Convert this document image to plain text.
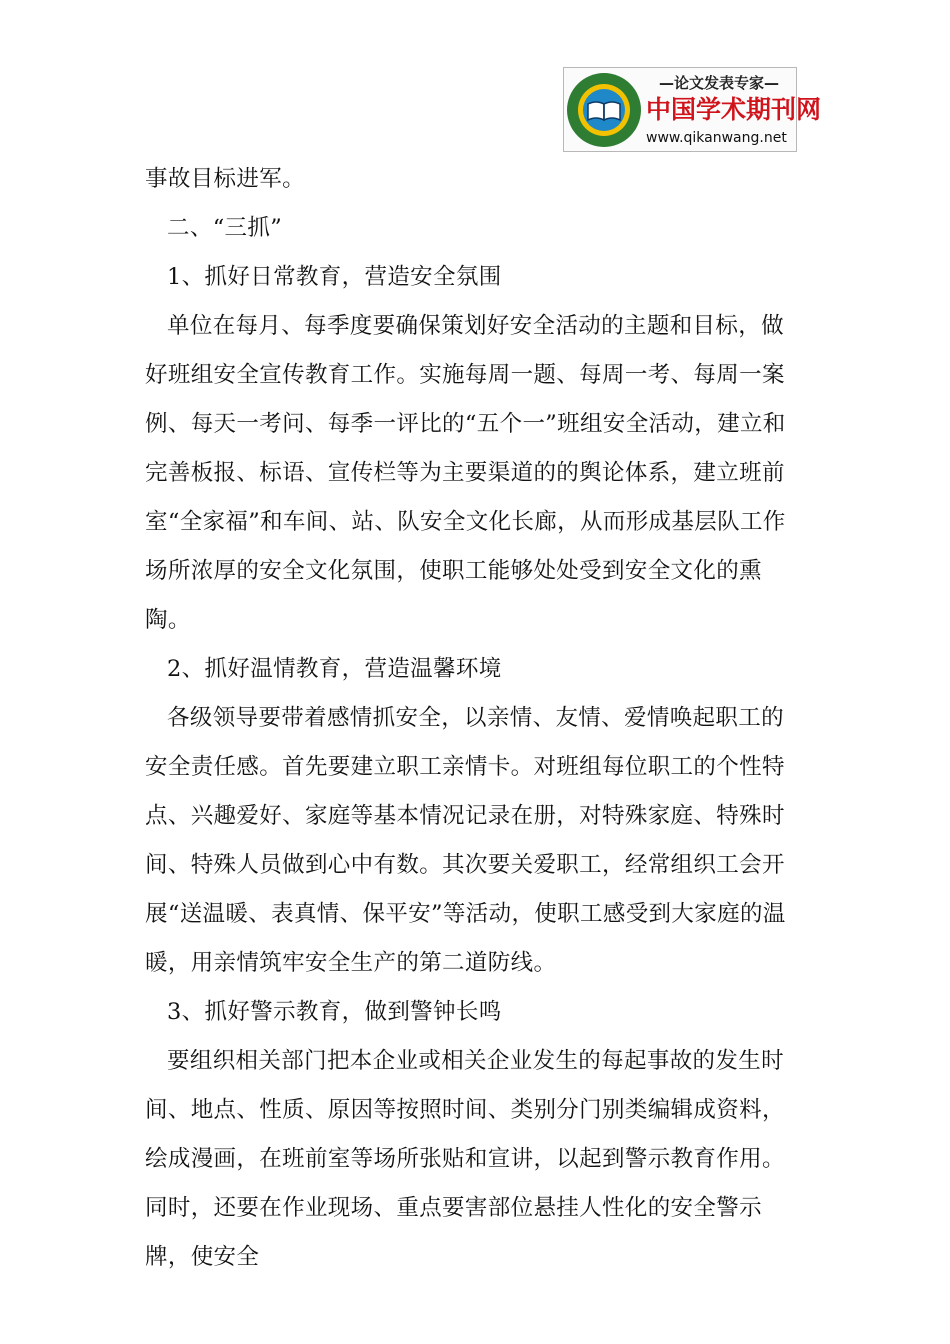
—论文发表专家—
中国学术期刊网
www.qikanwang.net

事故目标进军。

二、“三抓”

1、抓好日常教育，营造安全氛围

单位在每月、每季度要确保策划好安全活动的主题和目标，做好班组安全宣传教育工作。实施每周一题、每周一考、每周一案例、每天一考问、每季一评比的“五个一”班组安全活动，建立和完善板报、标语、宣传栏等为主要渠道的的舆论体系，建立班前室“全家福”和车间、站、队安全文化长廊，从而形成基层队工作场所浓厚的安全文化氛围，使职工能够处处受到安全文化的熏陶。

2、抓好温情教育，营造温馨环境

各级领导要带着感情抓安全，以亲情、友情、爱情唤起职工的安全责任感。首先要建立职工亲情卡。对班组每位职工的个性特点、兴趣爱好、家庭等基本情况记录在册，对特殊家庭、特殊时间、特殊人员做到心中有数。其次要关爱职工，经常组织工会开展“送温暖、表真情、保平安”等活动，使职工感受到大家庭的温暖，用亲情筑牢安全生产的第二道防线。

3、抓好警示教育，做到警钟长鸣

要组织相关部门把本企业或相关企业发生的每起事故的发生时间、地点、性质、原因等按照时间、类别分门别类编辑成资料，绘成漫画，在班前室等场所张贴和宣讲，以起到警示教育作用。同时，还要在作业现场、重点要害部位悬挂人性化的安全警示牌，使安全
